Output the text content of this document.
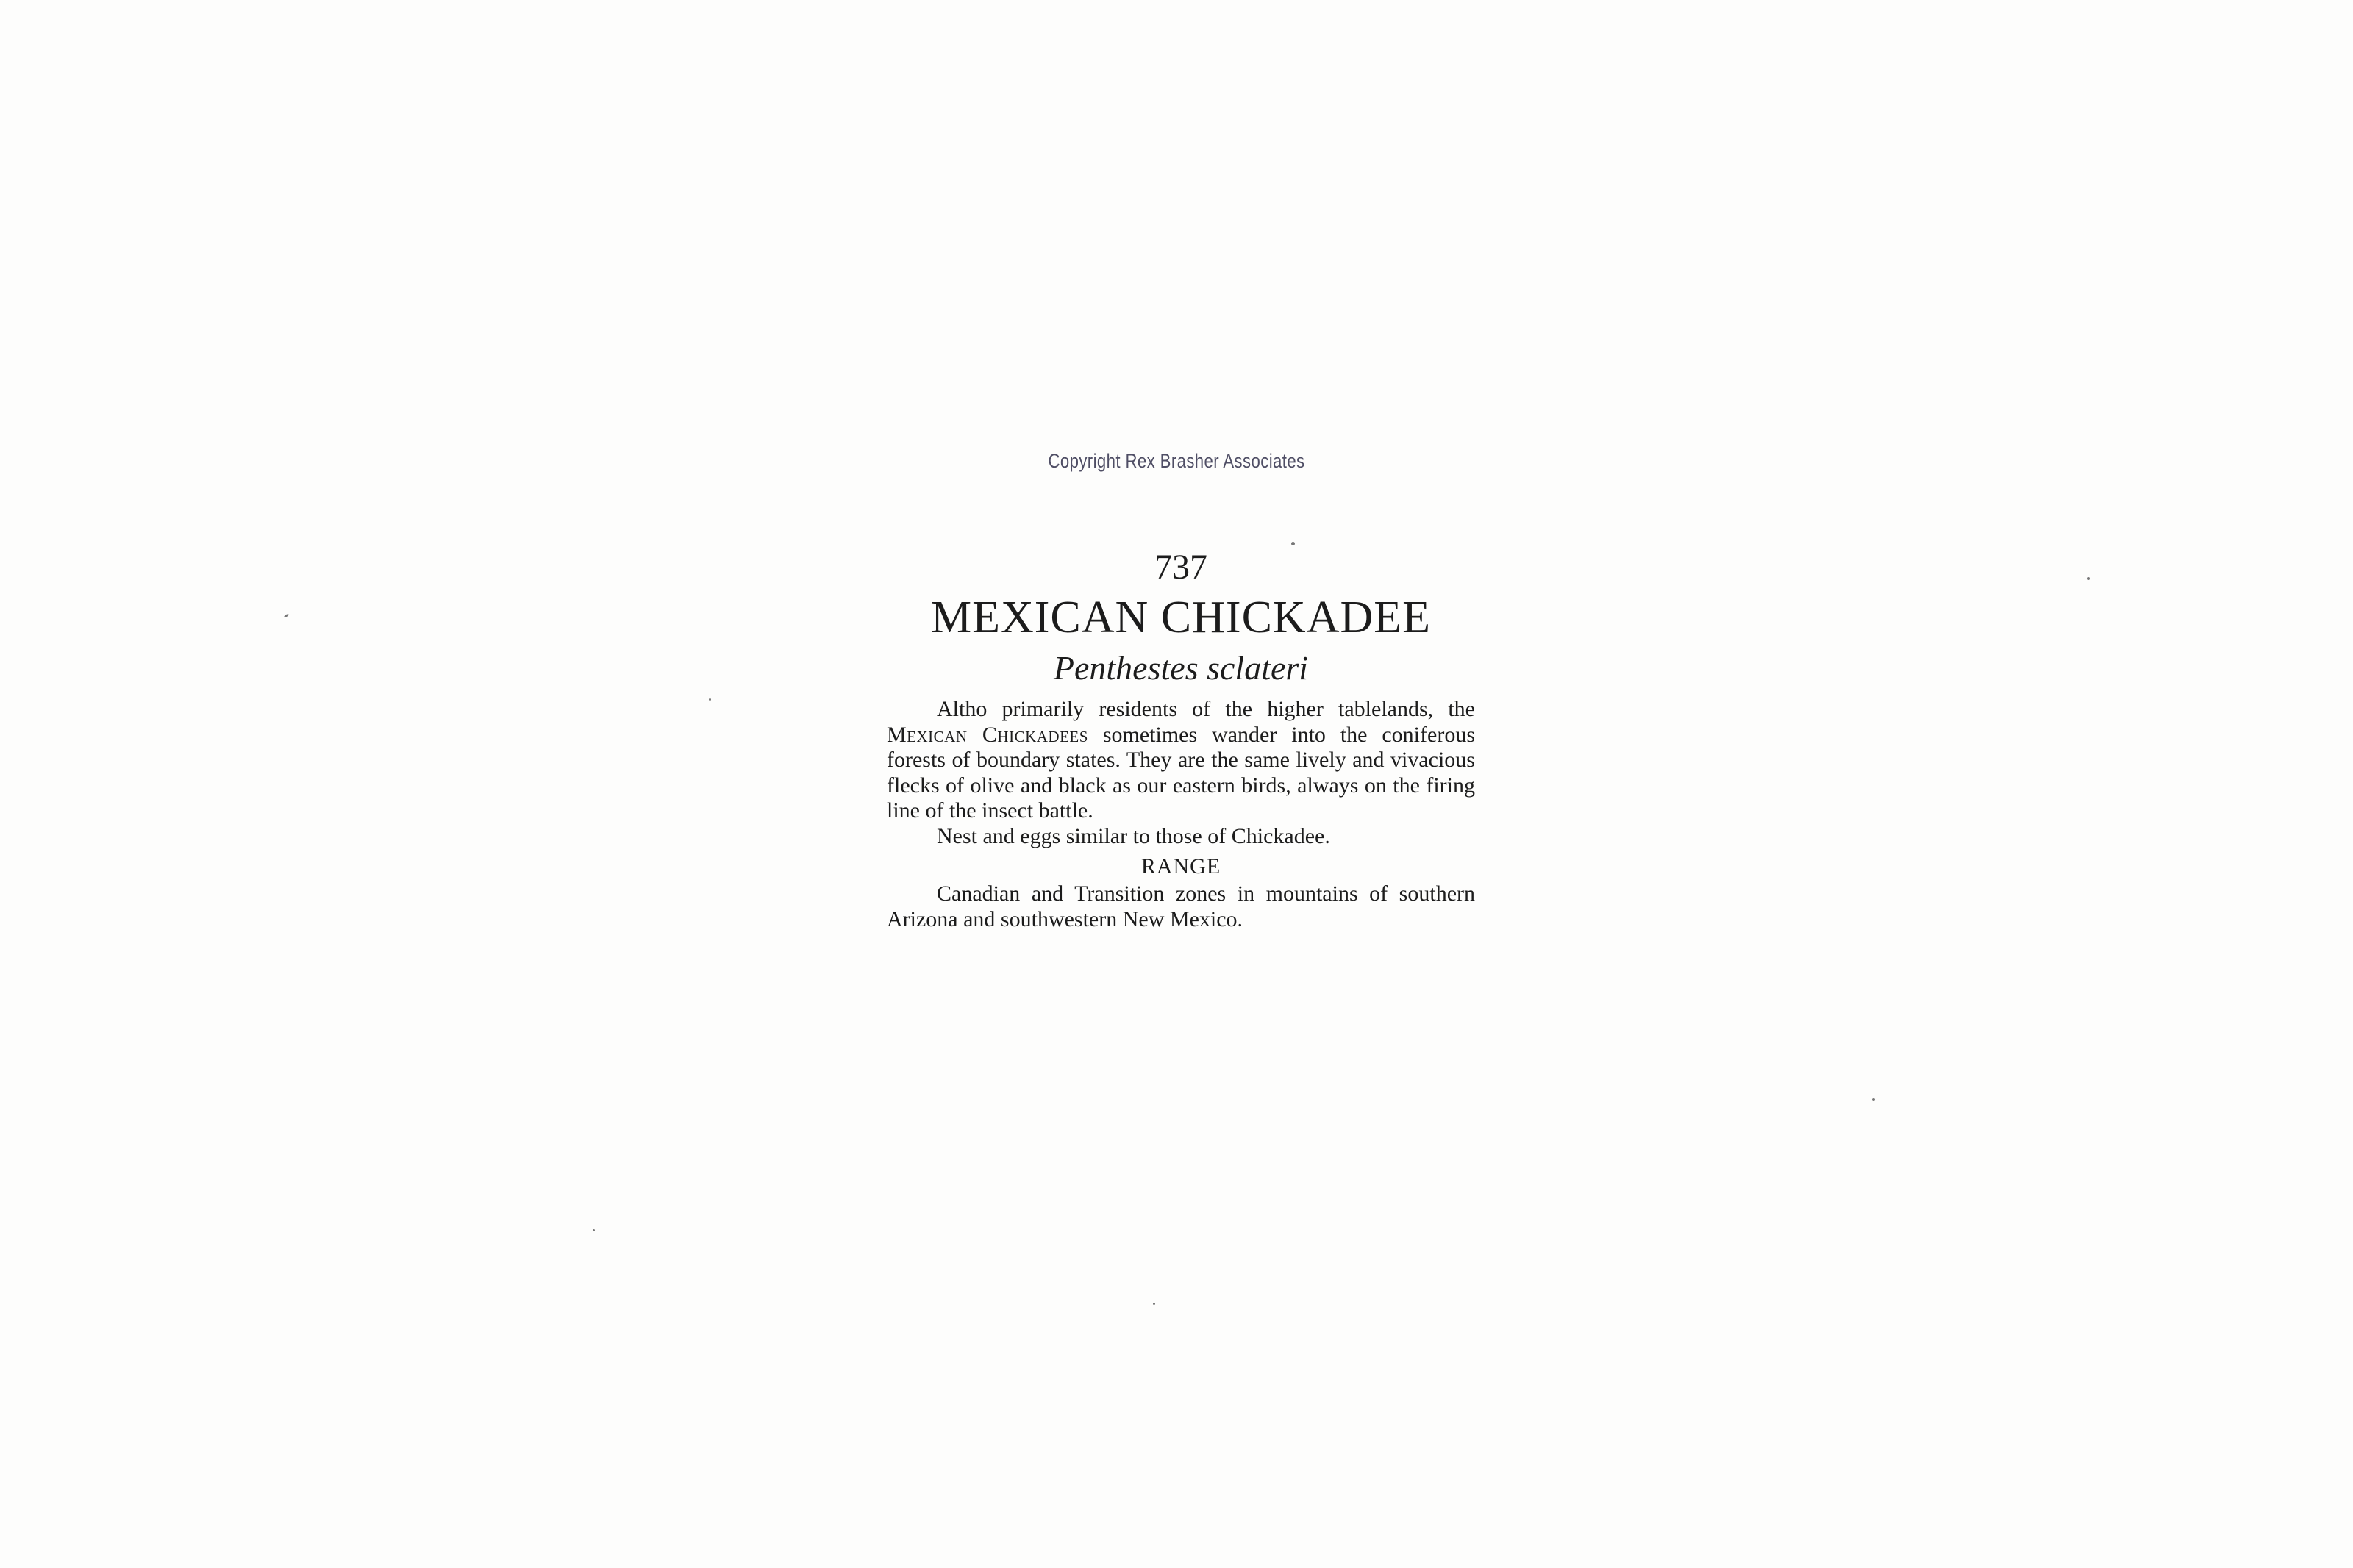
Copyright Rex Brasher Associates

737

MEXICAN CHICKADEE

Penthestes sclateri

Altho primarily residents of the higher tablelands, the Mexican Chickadees sometimes wander into the coniferous forests of boundary states. They are the same lively and vivacious flecks of olive and black as our eastern birds, always on the firing line of the insect battle.

Nest and eggs similar to those of Chickadee.

RANGE

Canadian and Transition zones in mountains of southern Arizona and southwestern New Mexico.
